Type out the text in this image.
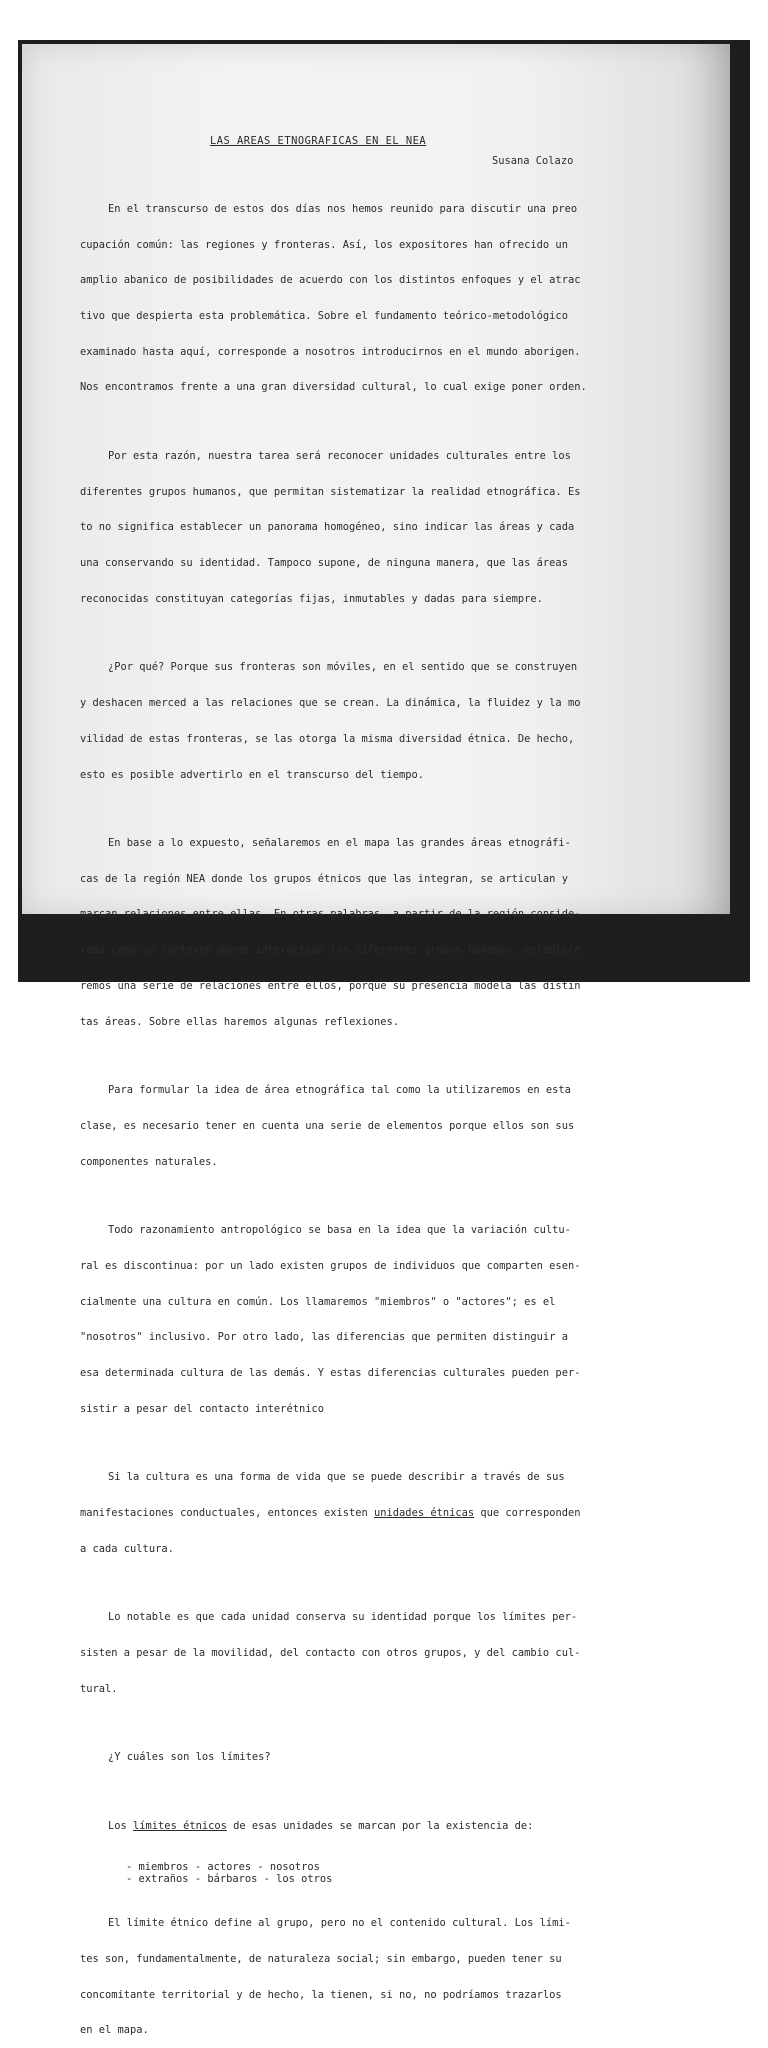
LAS AREAS ETNOGRAFICAS EN EL NEA
Susana Colazo

En el transcurso de estos dos días nos hemos reunido para discutir una preo

cupación común: las regiones y fronteras. Así, los expositores han ofrecido un

amplio abanico de posibilidades de acuerdo con los distintos enfoques y el atrac

tivo que despierta esta problemática. Sobre el fundamento teórico-metodológico

examinado hasta aquí, corresponde a nosotros introducirnos en el mundo aborigen.

Nos encontramos frente a una gran diversidad cultural, lo cual exige poner orden.

Por esta razón, nuestra tarea será reconocer unidades culturales entre los

diferentes grupos humanos, que permitan sistematizar la realidad etnográfica. Es

to no significa establecer un panorama homogéneo, sino indicar las áreas y cada

una conservando su identidad. Tampoco supone, de ninguna manera, que las áreas

reconocidas constituyan categorías fijas, inmutables y dadas para siempre.

¿Por qué? Porque sus fronteras son móviles, en el sentido que se construyen

y deshacen merced a las relaciones que se crean. La dinámica, la fluidez y la mo

vilidad de estas fronteras, se las otorga la misma diversidad étnica. De hecho,

esto es posible advertirlo en el transcurso del tiempo.

En base a lo expuesto, señalaremos en el mapa las grandes áreas etnográfi-

cas de la región NEA donde los grupos étnicos que las integran, se articulan y

marcan relaciones entre ellas. En otras palabras, a partir de la región conside-

rada como un contexto donde interactúan los diferentes grupos humanos, establece

remos una serie de relaciones entre ellos, porque su presencia modela las distin

tas áreas. Sobre ellas haremos algunas reflexiones.

Para formular la idea de área etnográfica tal como la utilizaremos en esta

clase, es necesario tener en cuenta una serie de elementos porque ellos son sus

componentes naturales.

Todo razonamiento antropológico se basa en la idea que la variación cultu-

ral es discontinua: por un lado existen grupos de individuos que comparten esen-

cialmente una cultura en común. Los llamaremos "miembros" o "actores"; es el

"nosotros" inclusivo. Por otro lado, las diferencias que permiten distinguir a

esa determinada cultura de las demás. Y estas diferencias culturales pueden per-

sistir a pesar del contacto interétnico

Si la cultura es una forma de vida que se puede describir a través de sus

manifestaciones conductuales, entonces existen unidades étnicas que corresponden

a cada cultura.

Lo notable es que cada unidad conserva su identidad porque los límites per-

sisten a pesar de la movilidad, del contacto con otros grupos, y del cambio cul-

tural.

¿Y cuáles son los límites?

Los límites étnicos de esas unidades se marcan por la existencia de:

- miembros - actores - nosotros
- extraños - bárbaros - los otros

El límite étnico define al grupo, pero no el contenido cultural. Los lími-

tes son, fundamentalmente, de naturaleza social; sin embargo, pueden tener su

concomitante territorial y de hecho, la tienen, si no, no podríamos trazarlos

en el mapa.
